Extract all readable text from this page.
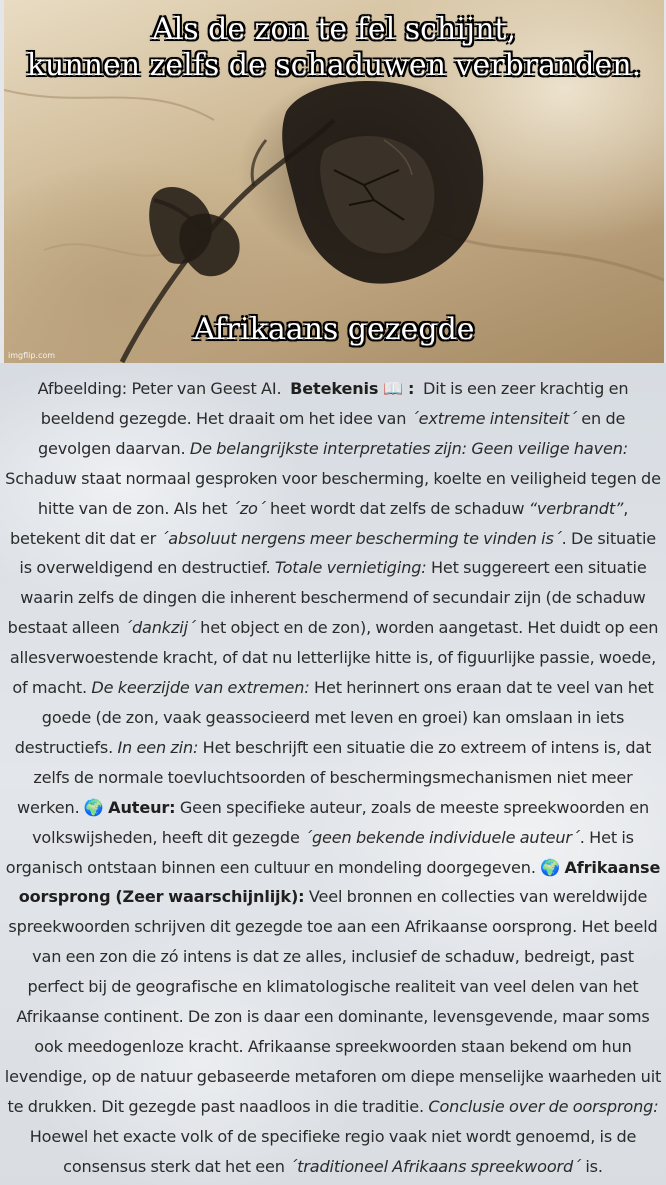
Als de zon te fel schijnt,
kunnen zelfs de schaduwen verbranden.
Afrikaans gezegde
imgflip.com
Afbeelding: Peter van Geest AI. Betekenis 📖 : Dit is een zeer krachtig en beeldend gezegde. Het draait om het idee van ´extreme intensiteit´ en de gevolgen daarvan. De belangrijkste interpretaties zijn: Geen veilige haven: Schaduw staat normaal gesproken voor bescherming, koelte en veiligheid tegen de hitte van de zon. Als het ´zo´ heet wordt dat zelfs de schaduw “verbrandt”, betekent dit dat er ´absoluut nergens meer bescherming te vinden is´. De situatie is overweldigend en destructief. Totale vernietiging: Het suggereert een situatie waarin zelfs de dingen die inherent beschermend of secundair zijn (de schaduw bestaat alleen ´dankzij´ het object en de zon), worden aangetast. Het duidt op een allesverwoestende kracht, of dat nu letterlijke hitte is, of figuurlijke passie, woede, of macht. De keerzijde van extremen: Het herinnert ons eraan dat te veel van het goede (de zon, vaak geassocieerd met leven en groei) kan omslaan in iets destructiefs. In een zin: Het beschrijft een situatie die zo extreem of intens is, dat zelfs de normale toevluchtsoorden of beschermingsmechanismen niet meer werken. 🌍 Auteur: Geen specifieke auteur, zoals de meeste spreekwoorden en volkswijsheden, heeft dit gezegde ´geen bekende individuele auteur´. Het is organisch ontstaan binnen een cultuur en mondeling doorgegeven. 🌍 Afrikaanse oorsprong (Zeer waarschijnlijk): Veel bronnen en collecties van wereldwijde spreekwoorden schrijven dit gezegde toe aan een Afrikaanse oorsprong. Het beeld van een zon die zó intens is dat ze alles, inclusief de schaduw, bedreigt, past perfect bij de geografische en klimatologische realiteit van veel delen van het Afrikaanse continent. De zon is daar een dominante, levensgevende, maar soms ook meedogenloze kracht. Afrikaanse spreekwoorden staan bekend om hun levendige, op de natuur gebaseerde metaforen om diepe menselijke waarheden uit te drukken. Dit gezegde past naadloos in die traditie. Conclusie over de oorsprong: Hoewel het exacte volk of de specifieke regio vaak niet wordt genoemd, is de consensus sterk dat het een ´traditioneel Afrikaans spreekwoord´ is.
